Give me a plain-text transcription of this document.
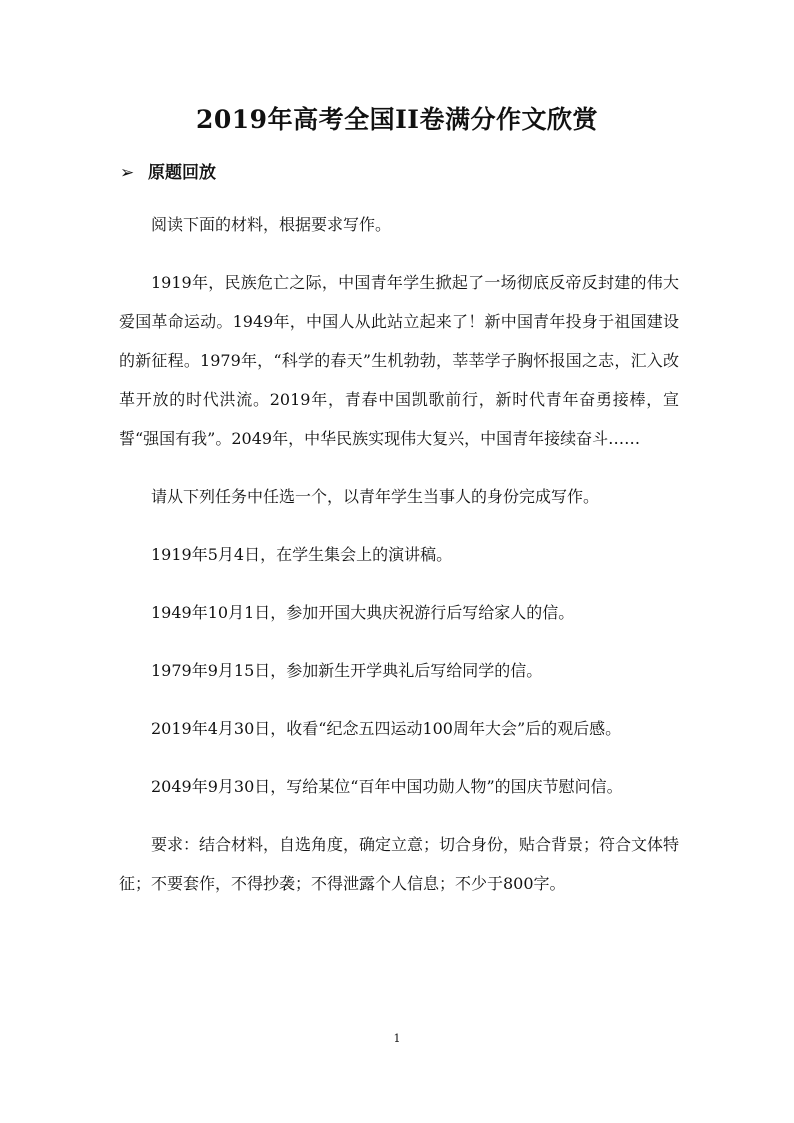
2019年高考全国II卷满分作文欣赏
➢ 原题回放

阅读下面的材料，根据要求写作。

1919年，民族危亡之际，中国青年学生掀起了一场彻底反帝反封建的伟大爱国革命运动。1949年，中国人从此站立起来了！新中国青年投身于祖国建设的新征程。1979年，“科学的春天”生机勃勃，莘莘学子胸怀报国之志，汇入改革开放的时代洪流。2019年，青春中国凯歌前行，新时代青年奋勇接棒，宣誓“强国有我”。2049年，中华民族实现伟大复兴，中国青年接续奋斗……

请从下列任务中任选一个，以青年学生当事人的身份完成写作。

1919年5月4日，在学生集会上的演讲稿。

1949年10月1日，参加开国大典庆祝游行后写给家人的信。

1979年9月15日，参加新生开学典礼后写给同学的信。

2019年4月30日，收看“纪念五四运动100周年大会”后的观后感。

2049年9月30日，写给某位“百年中国功勋人物”的国庆节慰问信。

要求：结合材料，自选角度，确定立意；切合身份，贴合背景；符合文体特征；不要套作，不得抄袭；不得泄露个人信息；不少于800字。

1
